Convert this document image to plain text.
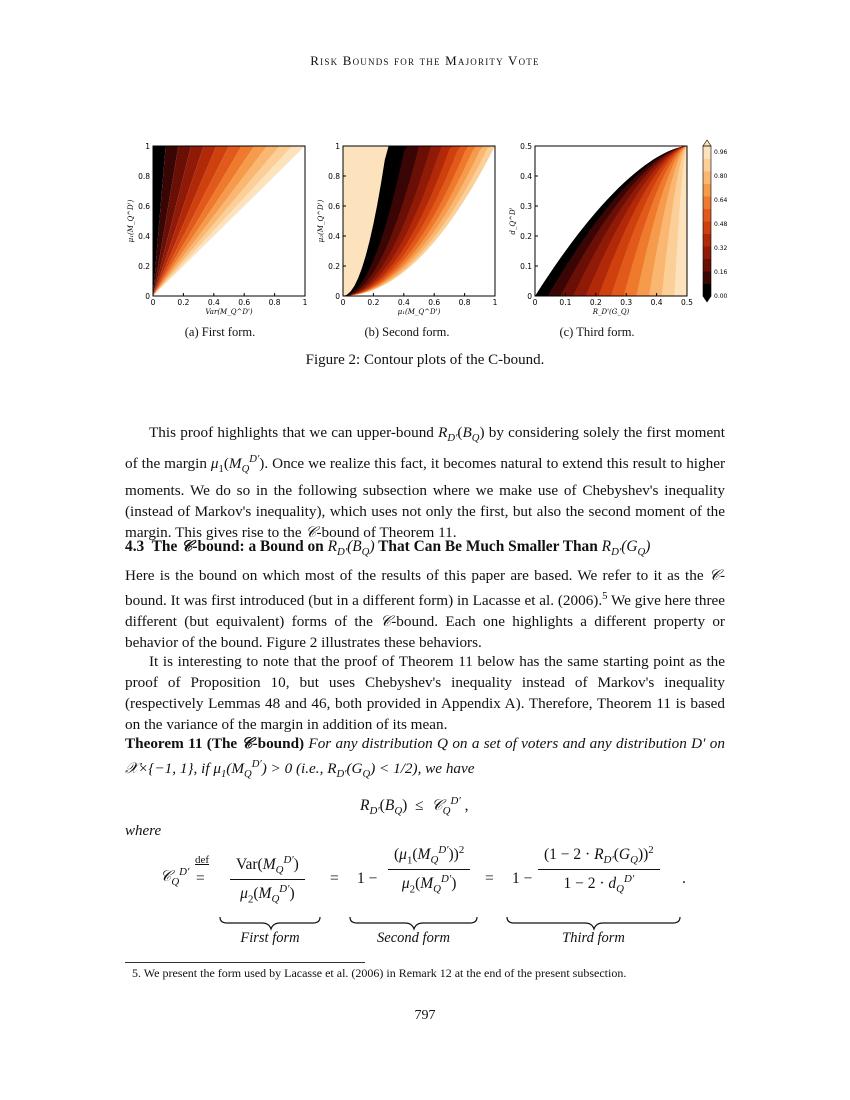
Risk Bounds for the Majority Vote
0	0.2 0.4 0.6 0.8	1
0
0.2
0.4
0.6
0.8
1
Var(M_Q^D')
μ₁(M_Q^D')
0	0.2 0.4 0.6 0.8	1
0
0.2
0.4
0.6
0.8
1
μ₁(M_Q^D')
μ₂(M_Q^D')
0	0.1 0.2 0.3 0.4 0.5
0
0.1
0.2
0.3
0.4
0.5
R_D'(G_Q)
d_Q^D'
0.00
0.16
0.32
0.48
0.64
0.80
0.96
(a) First form.	(b) Second form.	(c) Third form.
Figure 2: Contour plots of the C-bound.

This proof highlights that we can upper-bound $R_{D'}(B_Q)$ by considering solely the first moment of the margin $\mu_1(M_Q^{D'})$. Once we realize this fact, it becomes natural to extend this result to higher moments. We do so in the following subsection where we make use of Chebyshev's inequality (instead of Markov's inequality), which uses not only the first, but also the second moment of the margin. This gives rise to the 𝒞-bound of Theorem 11.

4.3 The 𝒞-bound: a Bound on $R_{D'}(B_Q)$ That Can Be Much Smaller Than $R_{D'}(G_Q)$

Here is the bound on which most of the results of this paper are based. We refer to it as the 𝒞-bound. It was first introduced (but in a different form) in Lacasse et al. (2006).$^5$ We give here three different (but equivalent) forms of the 𝒞-bound. Each one highlights a different property or behavior of the bound. Figure 2 illustrates these behaviors.

It is interesting to note that the proof of Theorem 11 below has the same starting point as the proof of Proposition 10, but uses Chebyshev's inequality instead of Markov's inequality (respectively Lemmas 48 and 46, both provided in Appendix A). Therefore, Theorem 11 is based on the variance of the margin in addition of its mean.

Theorem 11 (The 𝒞-bound) For any distribution Q on a set of voters and any distribution D′ on 𝒳×{−1, 1}, if $\mu_1(M_Q^{D'}) > 0$ (i.e., $R_{D'}(G_Q) < 1/2$), we have

$R_{D'}(B_Q)$  ≤  𝒞$_Q^{D'}$ ,
where
𝒞$_Q^{D'}$
def
= $\frac{Var(M_Q^{D'})}{\mu_2(M_Q^{D'})} = 1 - \frac{(\mu_1(M_Q^{D'}))^2}{\mu_2(M_Q^{D'})} = 1 - \frac{(1 - 2 \cdot R_{D'}(G_Q))^2}{1 - 2 \cdot d_Q^{D'}}$ .
First form	Second form	Third form
5. We present the form used by Lacasse et al. (2006) in Remark 12 at the end of the present subsection.
797
